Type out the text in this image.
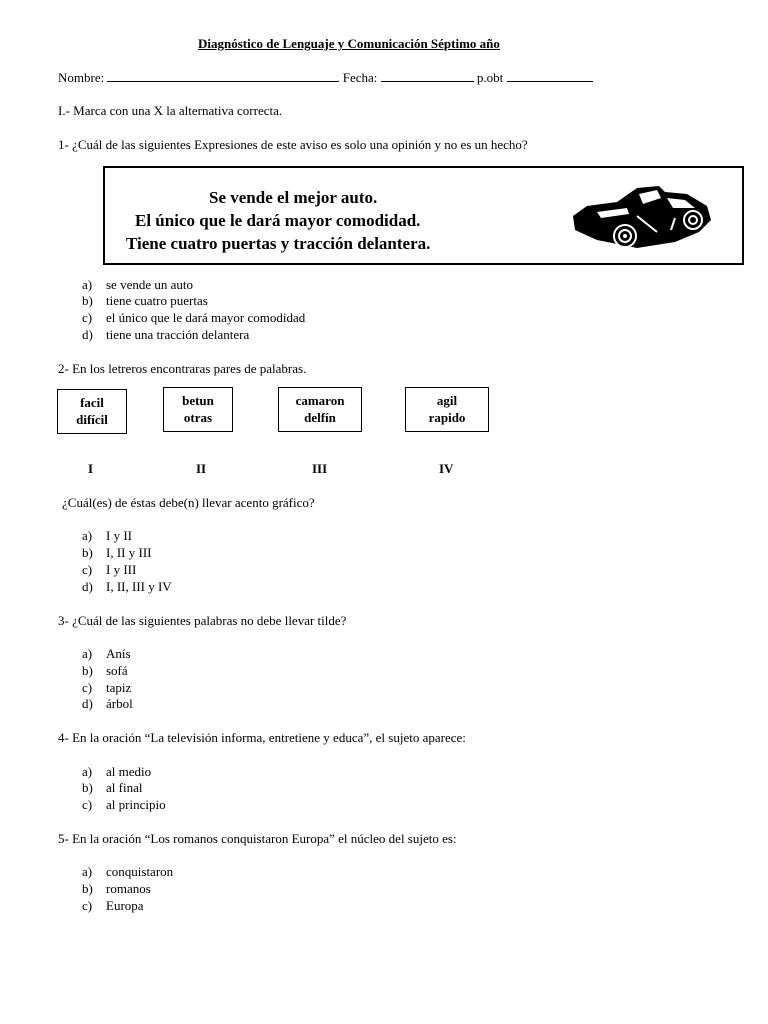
Diagnóstico de Lenguaje y Comunicación Séptimo año
Nombre:	Fecha:	p.obt
I.- Marca con una X la alternativa correcta.
1- ¿Cuál de las siguientes Expresiones de este aviso es solo una opinión y no es un hecho?
Se vende el mejor auto.
El único que le dará mayor comodidad.
Tiene cuatro puertas y tracción delantera.
a) se vende un auto
b) tiene cuatro puertas
c) el único que le dará mayor comodidad
d) tiene una tracción delantera
2- En los letreros encontraras pares de palabras.
facil
difícil
betun
otras
camaron
delfín
agil
rapido
I	II	III	IV
¿Cuál(es) de éstas debe(n) llevar acento gráfico?
a) I y II
b) I, II y III
c) I y III
d) I, II, III y IV
3- ¿Cuál de las siguientes palabras no debe llevar tilde?
a) Anís
b) sofá
c) tapiz
d) árbol
4- En la oración “La televisión informa, entretiene y educa”, el sujeto aparece:
a) al medio
b) al final
c) al principio
5- En la oración “Los romanos conquistaron Europa” el núcleo del sujeto es:
a) conquistaron
b) romanos
c) Europa
